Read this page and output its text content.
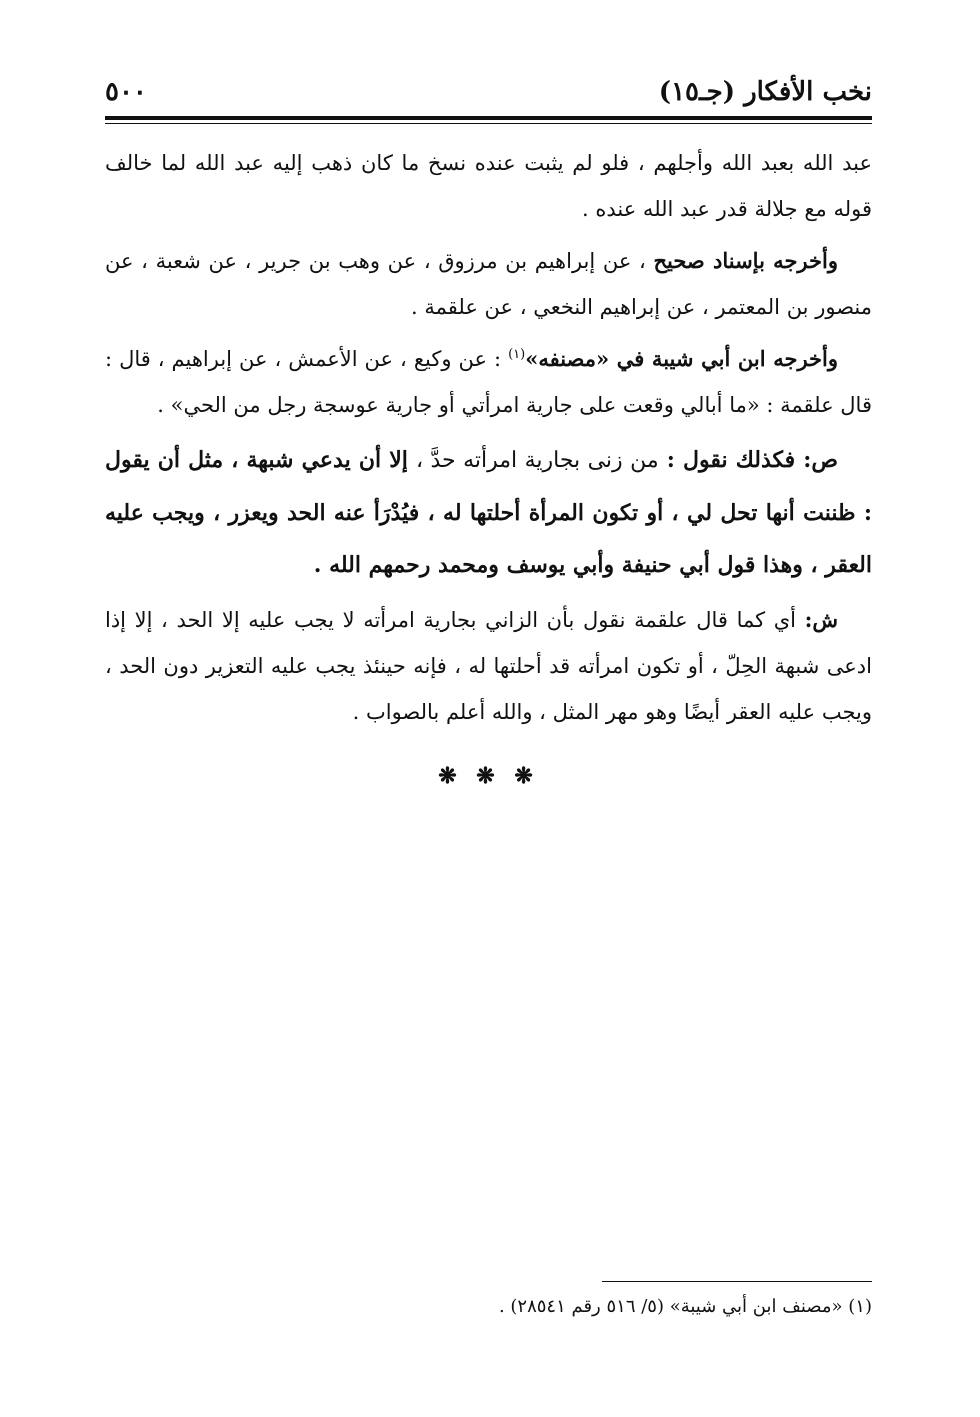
نخب الأفكار (جـ١٥)
٥٠٠

عبد الله بعبد الله وأجلهم ، فلو لم يثبت عنده نسخ ما كان ذهب إليه عبد الله لما خالف قوله مع جلالة قدر عبد الله عنده .

وأخرجه بإسناد صحيح ، عن إبراهيم بن مرزوق ، عن وهب بن جرير ، عن شعبة ، عن منصور بن المعتمر ، عن إبراهيم النخعي ، عن علقمة .

وأخرجه ابن أبي شيبة في «مصنفه»$^{(١)}$ : عن وكيع ، عن الأعمش ، عن إبراهيم ، قال : قال علقمة : «ما أبالي وقعت على جارية امرأتي أو جارية عوسجة رجل من الحي» .

ص: فكذلك نقول : من زنى بجارية امرأته حدَّ ، إلا أن يدعي شبهة ، مثل أن يقول : ظننت أنها تحل لي ، أو تكون المرأة أحلتها له ، فيُدْرَأ عنه الحد ويعزر ، ويجب عليه العقر ، وهذا قول أبي حنيفة وأبي يوسف ومحمد رحمهم الله .

ش: أي كما قال علقمة نقول بأن الزاني بجارية امرأته لا يجب عليه إلا الحد ، إلا إذا ادعى شبهة الحِلّ ، أو تكون امرأته قد أحلتها له ، فإنه حينئذ يجب عليه التعزير دون الحد ، ويجب عليه العقر أيضًا وهو مهر المثل ، والله أعلم بالصواب .

❋ ❋ ❋
(١) «مصنف ابن أبي شيبة» (٥/ ٥١٦ رقم ٢٨٥٤١) .
